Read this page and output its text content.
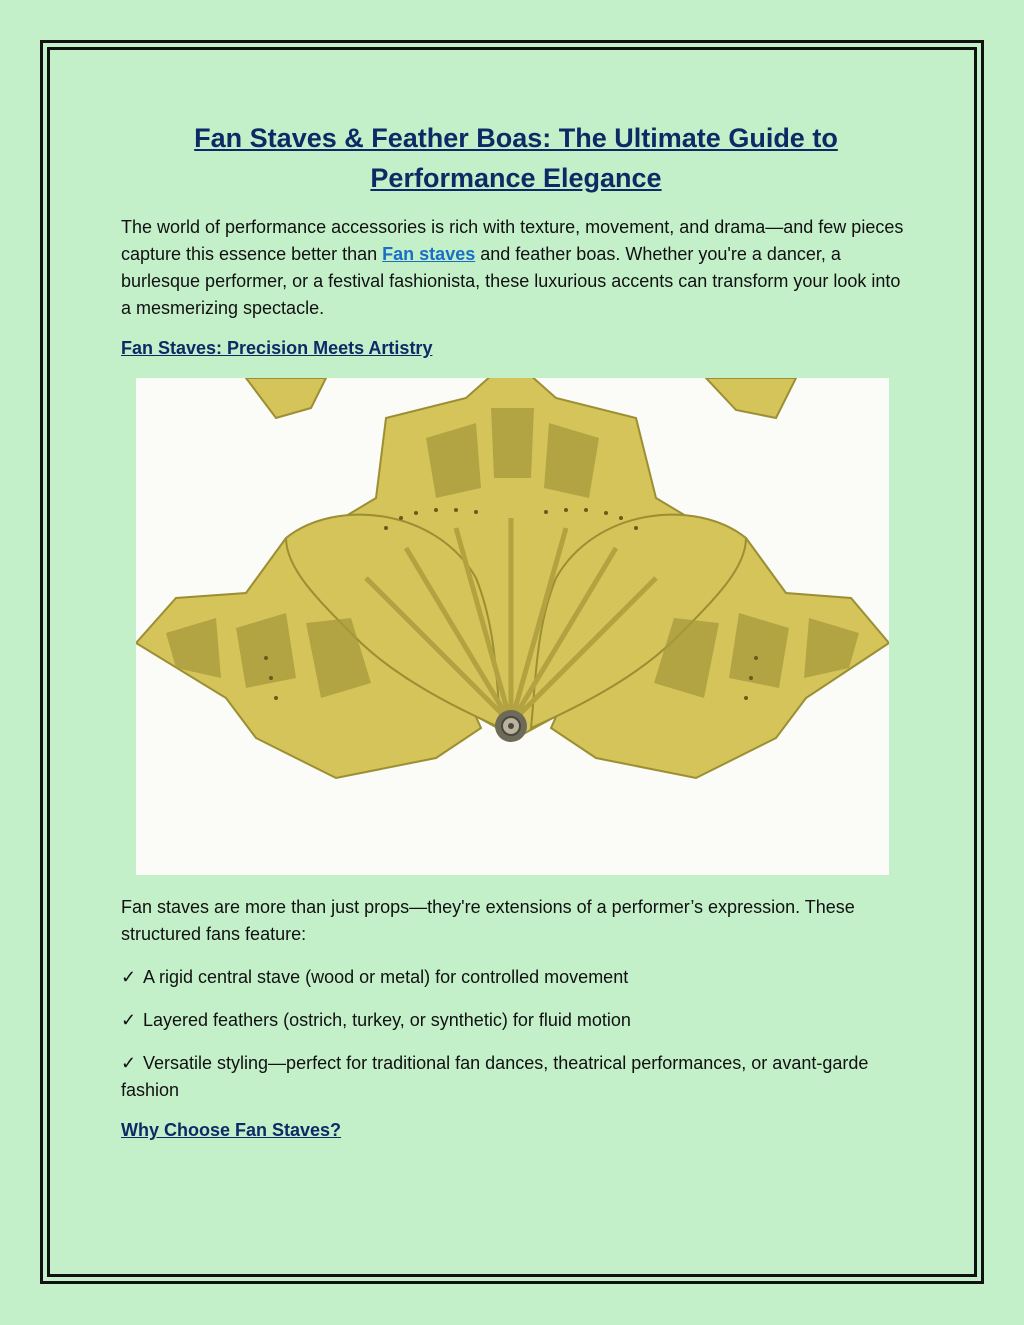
Fan Staves & Feather Boas: The Ultimate Guide to Performance Elegance

The world of performance accessories is rich with texture, movement, and drama—and few pieces capture this essence better than Fan staves and feather boas. Whether you're a dancer, a burlesque performer, or a festival fashionista, these luxurious accents can transform your look into a mesmerizing spectacle.

Fan Staves: Precision Meets Artistry

Fan staves are more than just props—they're extensions of a performer’s expression. These structured fans feature:

✓ A rigid central stave (wood or metal) for controlled movement

✓ Layered feathers (ostrich, turkey, or synthetic) for fluid motion

✓ Versatile styling—perfect for traditional fan dances, theatrical performances, or avant-garde fashion

Why Choose Fan Staves?
